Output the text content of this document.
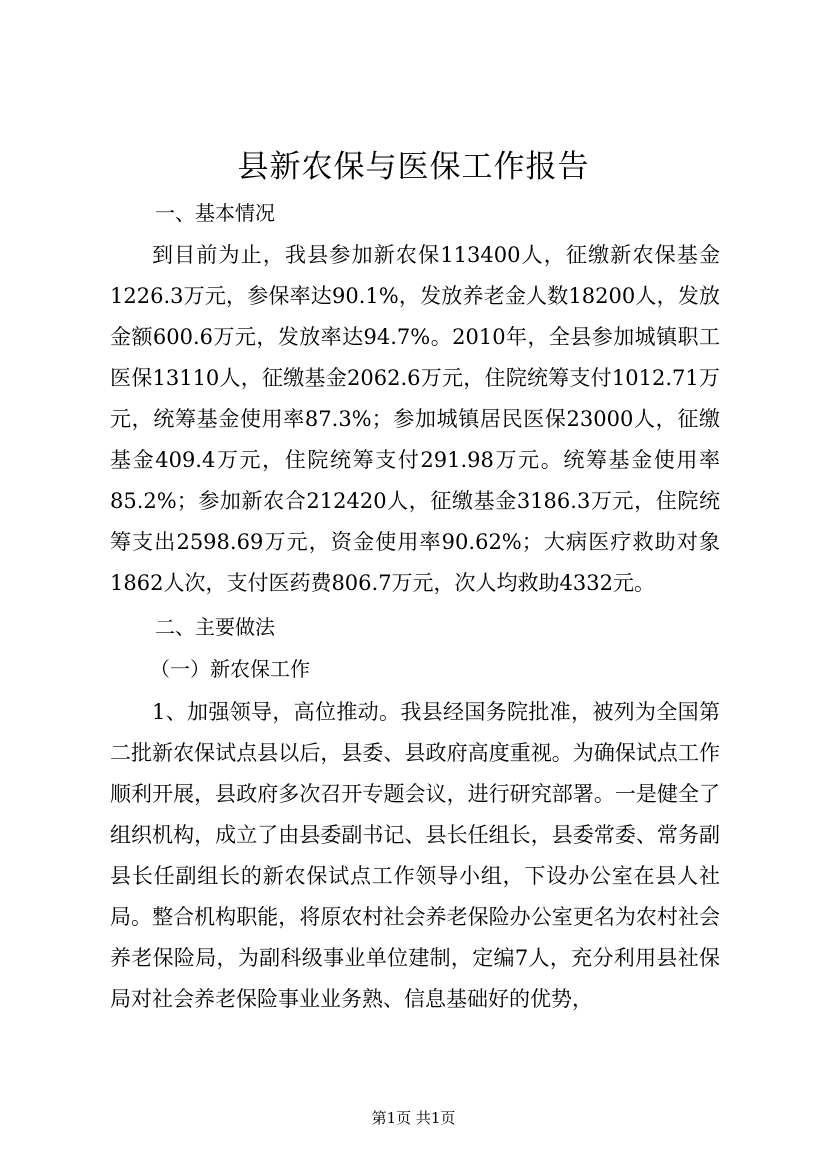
县新农保与医保工作报告
一、基本情况

到目前为止，我县参加新农保113400人，征缴新农保基金1226.3万元，参保率达90.1%，发放养老金人数18200人，发放金额600.6万元，发放率达94.7%。2010年，全县参加城镇职工医保13110人，征缴基金2062.6万元，住院统筹支付1012.71万元，统筹基金使用率87.3%；参加城镇居民医保23000人，征缴基金409.4万元，住院统筹支付291.98万元。统筹基金使用率85.2%；参加新农合212420人，征缴基金3186.3万元，住院统筹支出2598.69万元，资金使用率90.62%；大病医疗救助对象1862人次，支付医药费806.7万元，次人均救助4332元。

二、主要做法
（一）新农保工作

1、加强领导，高位推动。我县经国务院批准，被列为全国第二批新农保试点县以后，县委、县政府高度重视。为确保试点工作顺利开展，县政府多次召开专题会议，进行研究部署。一是健全了组织机构，成立了由县委副书记、县长任组长，县委常委、常务副县长任副组长的新农保试点工作领导小组，下设办公室在县人社局。整合机构职能，将原农村社会养老保险办公室更名为农村社会养老保险局，为副科级事业单位建制，定编7人，充分利用县社保局对社会养老保险事业业务熟、信息基础好的优势，

第1页 共1页
